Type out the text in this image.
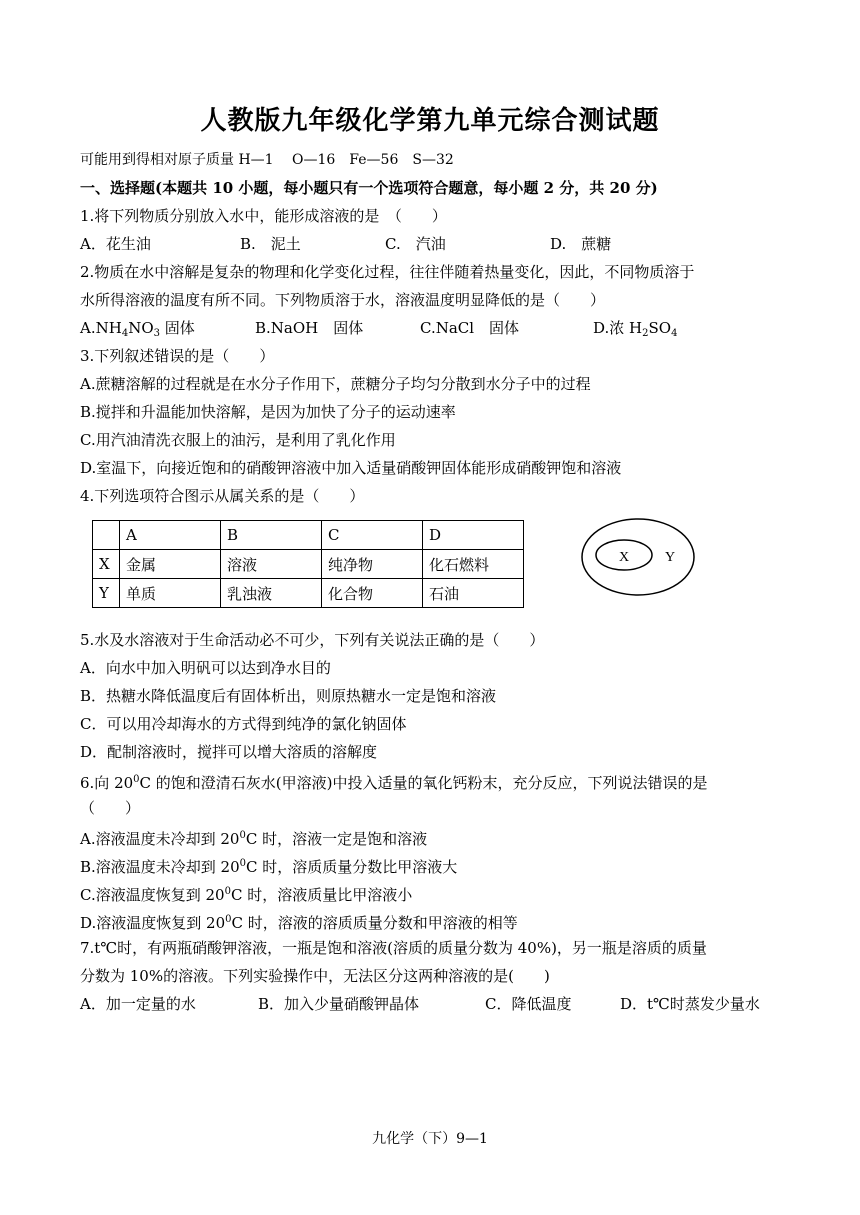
人教版九年级化学第九单元综合测试题
可能用到得相对原子质量 H—1　 O—16　Fe—56　S—32
一、选择题(本题共 10 小题，每小题只有一个选项符合题意，每小题 2 分，共 20 分)
1.将下列物质分别放入水中，能形成溶液的是　（　　）
A．花生油	B.　泥土	C.　汽油	D.　蔗糖
2.物质在水中溶解是复杂的物理和化学变化过程，往往伴随着热量变化，因此，不同物质溶于
水所得溶液的温度有所不同。下列物质溶于水，溶液温度明显降低的是（　　）
$A.NH_4NO_3$ 固体	B.NaOH　固体	C.NaCl　固体	D.浓 $H_2SO_4$
3.下列叙述错误的是（　　）
A.蔗糖溶解的过程就是在水分子作用下，蔗糖分子均匀分散到水分子中的过程
B.搅拌和升温能加快溶解，是因为加快了分子的运动速率
C.用汽油清洗衣服上的油污，是利用了乳化作用
D.室温下，向接近饱和的硝酸钾溶液中加入适量硝酸钾固体能形成硝酸钾饱和溶液
4.下列选项符合图示从属关系的是（　　）
	A	B	C	D
X	金属	溶液	纯净物	化石燃料
Y	单质	乳浊液	化合物	石油
X	Y
5.水及水溶液对于生命活动必不可少，下列有关说法正确的是（　　）
A．向水中加入明矾可以达到净水目的
B．热糖水降低温度后有固体析出，则原热糖水一定是饱和溶液
C．可以用冷却海水的方式得到纯净的氯化钠固体
D．配制溶液时，搅拌可以增大溶质的溶解度
6.向 $20^0C$ 的饱和澄清石灰水(甲溶液)中投入适量的氧化钙粉末，充分反应，下列说法错误的是
（　　）
A.溶液温度未冷却到 $20^0C$ 时，溶液一定是饱和溶液
B.溶液温度未冷却到 $20^0C$ 时，溶质质量分数比甲溶液大
C.溶液温度恢复到 $20^0C$ 时，溶液质量比甲溶液小
D.溶液温度恢复到 $20^0C$ 时，溶液的溶质质量分数和甲溶液的相等
7.t℃时，有两瓶硝酸钾溶液，一瓶是饱和溶液(溶质的质量分数为 40%)，另一瓶是溶质的质量
分数为 10%的溶液。下列实验操作中，无法区分这两种溶液的是(　　)
A．加一定量的水	B．加入少量硝酸钾晶体	C．降低温度	D．t℃时蒸发少量水
九化学（下）9—1
